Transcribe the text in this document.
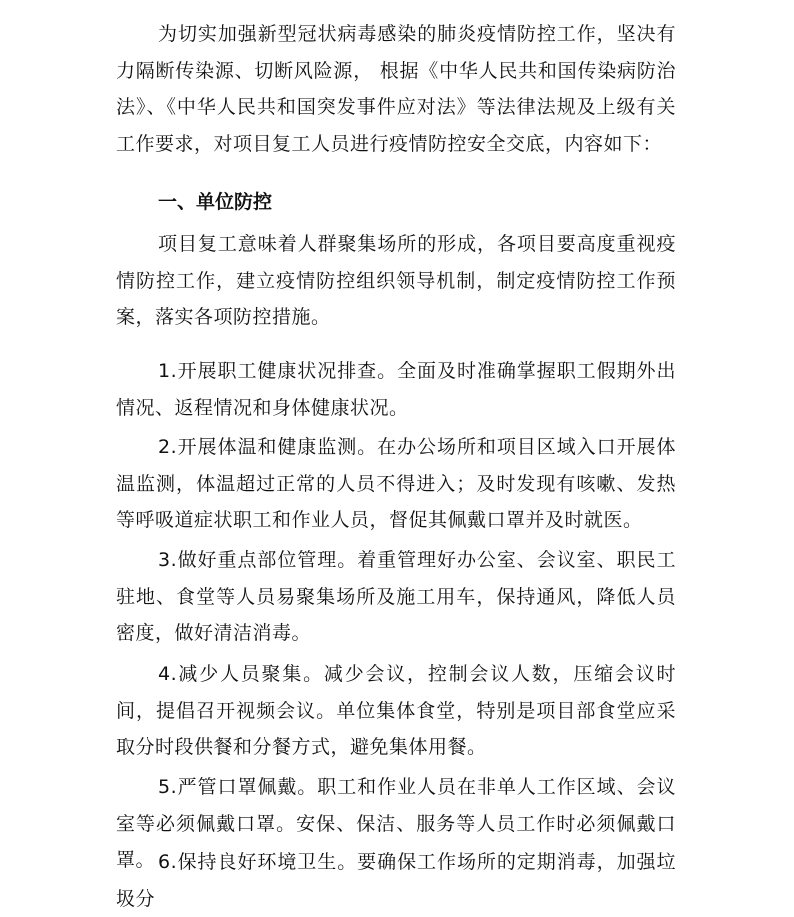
为切实加强新型冠状病毒感染的肺炎疫情防控工作，坚决有力隔断传染源、切断风险源， 根据《中华人民共和国传染病防治法》、《中华人民共和国突发事件应对法》等法律法规及上级有关工作要求，对项目复工人员进行疫情防控安全交底，内容如下：

一、单位防控

项目复工意味着人群聚集场所的形成，各项目要高度重视疫情防控工作，建立疫情防控组织领导机制，制定疫情防控工作预案，落实各项防控措施。

1.开展职工健康状况排查。全面及时准确掌握职工假期外出情况、返程情况和身体健康状况。

2.开展体温和健康监测。在办公场所和项目区域入口开展体温监测，体温超过正常的人员不得进入；及时发现有咳嗽、发热等呼吸道症状职工和作业人员，督促其佩戴口罩并及时就医。

3.做好重点部位管理。着重管理好办公室、会议室、职民工驻地、食堂等人员易聚集场所及施工用车，保持通风，降低人员密度，做好清洁消毒。

4.减少人员聚集。减少会议，控制会议人数，压缩会议时间，提倡召开视频会议。单位集体食堂，特别是项目部食堂应采取分时段供餐和分餐方式，避免集体用餐。

5.严管口罩佩戴。职工和作业人员在非单人工作区域、会议室等必须佩戴口罩。安保、保洁、服务等人员工作时必须佩戴口罩。 6.保持良好环境卫生。要确保工作场所的定期消毒，加强垃圾分
